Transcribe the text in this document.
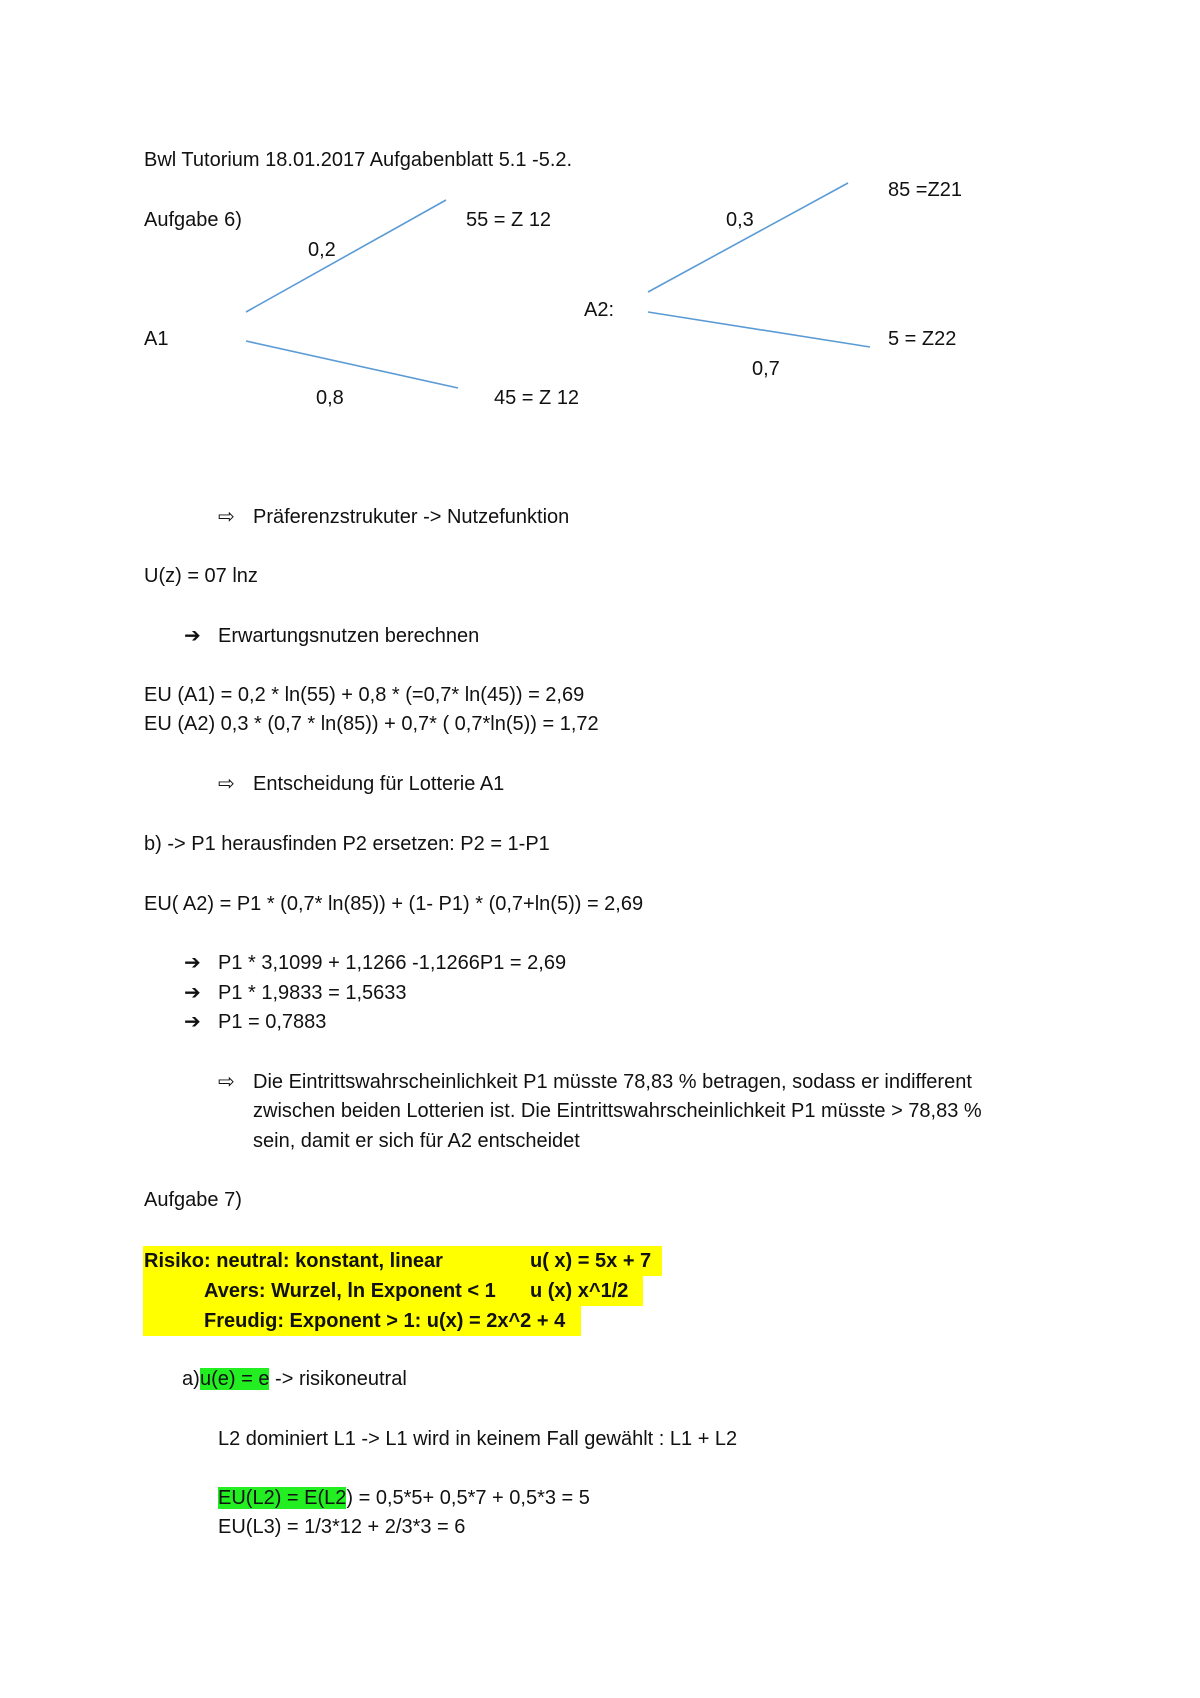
Bwl Tutorium 18.01.2017 Aufgabenblatt 5.1 -5.2.
Aufgabe 6)
0,2
55 = Z 12
A1
0,8	45 = Z 12
85 =Z21
0,3
A2:
5 = Z22
0,7
⇨ Präferenzstrukuter -> Nutzefunktion
U(z) = 07 lnz
➔ Erwartungsnutzen berechnen
EU (A1) = 0,2 * ln(55) + 0,8 * (=0,7* ln(45)) = 2,69
EU (A2) 0,3 * (0,7 * ln(85)) + 0,7* ( 0,7*ln(5)) = 1,72
⇨ Entscheidung für Lotterie A1
b) -> P1 herausfinden P2 ersetzen: P2 = 1-P1
EU( A2) = P1 * (0,7* ln(85)) + (1- P1) * (0,7+ln(5)) = 2,69
➔ P1 * 3,1099 + 1,1266 -1,1266P1 = 2,69
➔ P1 * 1,9833 = 1,5633
➔ P1 = 0,7883
⇨ Die Eintrittswahrscheinlichkeit P1 müsste 78,83 % betragen, sodass er indifferent
zwischen beiden Lotterien ist. Die Eintrittswahrscheinlichkeit P1 müsste > 78,83 %
sein, damit er sich für A2 entscheidet
Aufgabe 7)
Risiko: neutral: konstant, linear	u( x) = 5x + 7
Avers: Wurzel, ln Exponent < 1 u (x) x^1/2
Freudig: Exponent > 1: u(x) = 2x^2 + 4
a) u(e) = e -> risikoneutral
L2 dominiert L1 -> L1 wird in keinem Fall gewählt : L1 + L2
EU(L2) = E(L2) = 0,5*5+ 0,5*7 + 0,5*3 = 5
EU(L3) = 1/3*12 + 2/3*3 = 6
